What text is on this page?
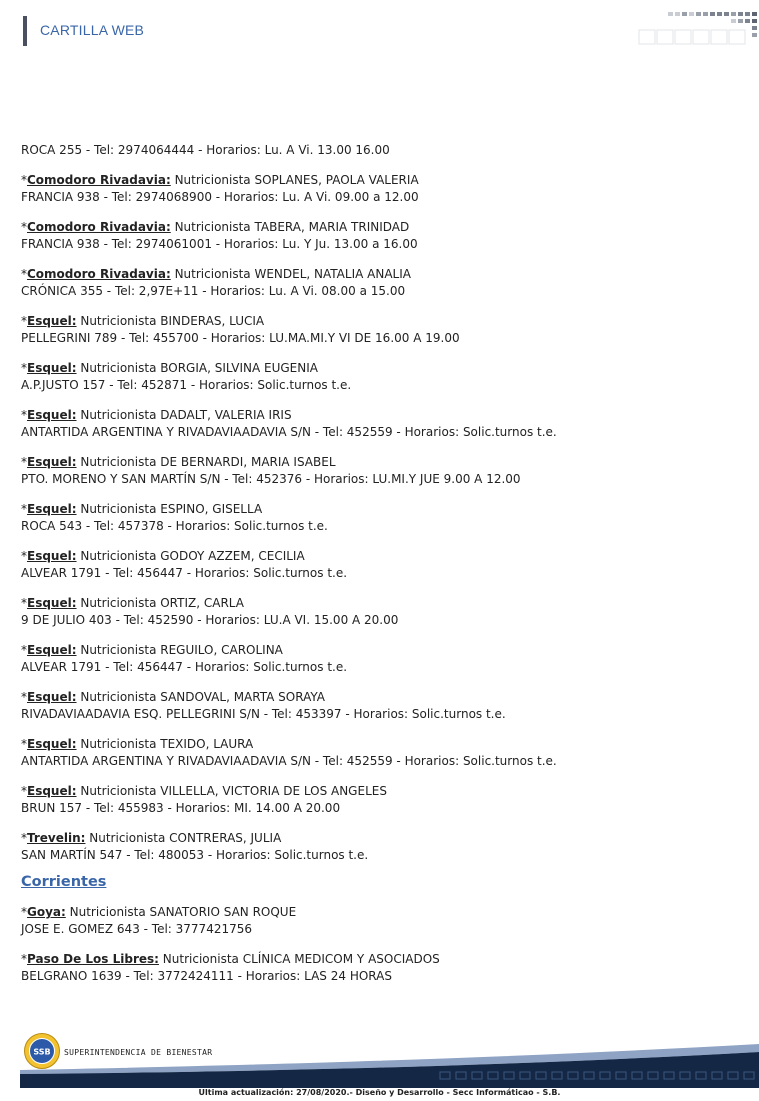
CARTILLA WEB
ROCA 255 - Tel: 2974064444 - Horarios: Lu. A Vi. 13.00 16.00
*Comodoro Rivadavia: Nutricionista SOPLANES, PAOLA VALERIA
FRANCIA 938 - Tel: 2974068900 - Horarios: Lu. A Vi. 09.00 a 12.00
*Comodoro Rivadavia: Nutricionista TABERA, MARIA TRINIDAD
FRANCIA 938 - Tel: 2974061001 - Horarios: Lu. Y Ju. 13.00 a 16.00
*Comodoro Rivadavia: Nutricionista WENDEL, NATALIA ANALIA
CRÓNICA 355 - Tel: 2,97E+11 - Horarios: Lu. A Vi. 08.00 a 15.00
*Esquel: Nutricionista BINDERAS, LUCIA
PELLEGRINI 789 - Tel: 455700 - Horarios: LU.MA.MI.Y VI DE 16.00 A 19.00
*Esquel: Nutricionista BORGIA, SILVINA EUGENIA
A.P.JUSTO 157 - Tel: 452871 - Horarios: Solic.turnos t.e.
*Esquel: Nutricionista DADALT, VALERIA IRIS
ANTARTIDA ARGENTINA Y RIVADAVIAADAVIA S/N - Tel: 452559 - Horarios: Solic.turnos t.e.
*Esquel: Nutricionista DE BERNARDI, MARIA ISABEL
PTO. MORENO Y SAN MARTÍN S/N - Tel: 452376 - Horarios: LU.MI.Y JUE 9.00 A 12.00
*Esquel: Nutricionista ESPINO, GISELLA
ROCA 543 - Tel: 457378 - Horarios: Solic.turnos t.e.
*Esquel: Nutricionista GODOY AZZEM, CECILIA
ALVEAR 1791 - Tel: 456447 - Horarios: Solic.turnos t.e.
*Esquel: Nutricionista ORTIZ, CARLA
9 DE JULIO 403 - Tel: 452590 - Horarios: LU.A VI. 15.00 A 20.00
*Esquel: Nutricionista REGUILO, CAROLINA
ALVEAR 1791 - Tel: 456447 - Horarios: Solic.turnos t.e.
*Esquel: Nutricionista SANDOVAL, MARTA SORAYA
RIVADAVIAADAVIA ESQ. PELLEGRINI S/N - Tel: 453397 - Horarios: Solic.turnos t.e.
*Esquel: Nutricionista TEXIDO, LAURA
ANTARTIDA ARGENTINA Y RIVADAVIAADAVIA S/N - Tel: 452559 - Horarios: Solic.turnos t.e.
*Esquel: Nutricionista VILLELLA, VICTORIA DE LOS ANGELES
BRUN 157 - Tel: 455983 - Horarios: MI. 14.00 A 20.00
*Trevelin: Nutricionista CONTRERAS, JULIA
SAN MARTÍN 547 - Tel: 480053 - Horarios: Solic.turnos t.e.
Corrientes
*Goya: Nutricionista SANATORIO SAN ROQUE
JOSE E. GOMEZ 643 - Tel: 3777421756
*Paso De Los Libres: Nutricionista CLÍNICA MEDICOM Y ASOCIADOS
BELGRANO 1639 - Tel: 3772424111 - Horarios: LAS 24 HORAS
SSB SUPERINTENDENCIA DE BIENESTAR
Ultima actualización: 27/08/2020.- Diseño y Desarrollo - Secc Informáticao - S.B.
